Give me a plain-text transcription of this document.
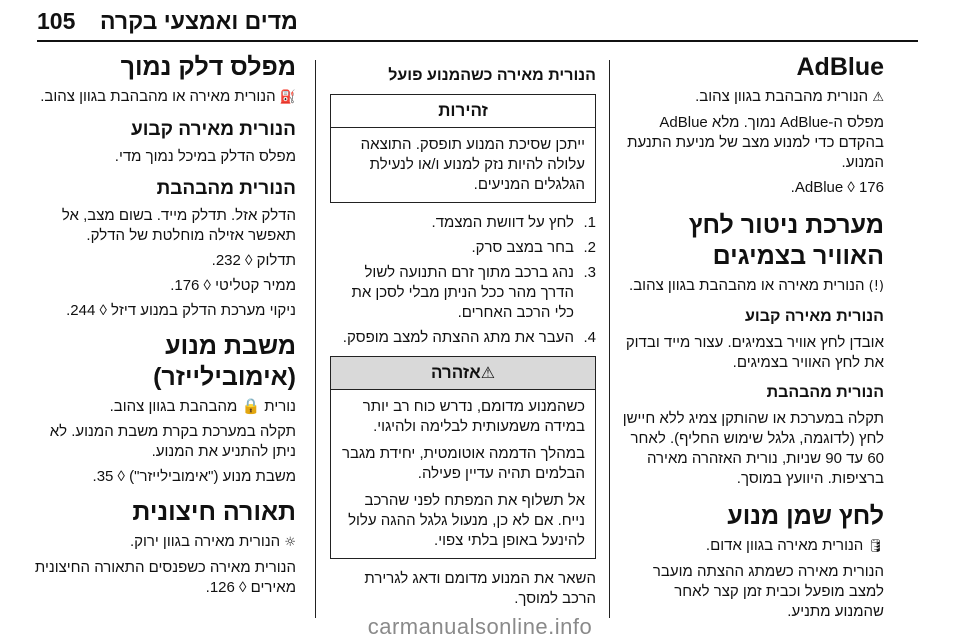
105 מדים ואמצעי בקרה
AdBlue
⚠ הנורית מהבהבת בגוון צהוב.
מפלס ה-AdBlue נמוך. מלא AdBlue בהקדם כדי למנוע מצב של מניעת התנעת המנוע.
AdBlue ◊ 176.
מערכת ניטור לחץ האוויר בצמיגים
(!) הנורית מאירה או מהבהבת בגוון צהוב.
הנורית מאירה קבוע
אובדן לחץ אוויר בצמיגים. עצור מייד ובדוק את לחץ האוויר בצמיגים.
הנורית מהבהבת
תקלה במערכת או שהותקן צמיג ללא חיישן לחץ (לדוגמה, גלגל שימוש החליף). לאחר 60 עד 90 שניות, נורית האזהרה מאירה ברציפות. היוועץ במוסך.
לחץ שמן מנוע
🛢 הנורית מאירה בגוון אדום.
הנורית מאירה כשמתג ההצתה מועבר למצב מופעל וכבית זמן קצר לאחר שהמנוע מתניע.
הנורית מאירה כשהמנוע פועל
זהירות
ייתכן שסיכת המנוע תופסק. התוצאה עלולה להיות נזק למנוע ו/או לנעילת הגלגלים המניעים.
1.
לחץ על דוושת המצמד.
2.
בחר במצב סרק.
3.
נהג ברכב מתוך זרם התנועה לשול הדרך מהר ככל הניתן מבלי לסכן את כלי הרכב האחרים.
4.
העבר את מתג ההצתה למצב מופסק.
⚠אזהרה

כשהמנוע מדומם, נדרש כוח רב יותר במידה משמעותית לבלימה ולהיגוי.

במהלך הדממה אוטומטית, יחידת מגבר הבלמים תהיה עדיין פעילה.

אל תשלוף את המפתח לפני שהרכב נייח. אם לא כן, מנעול גלגל ההגה עלול להינעל באופן בלתי צפוי.

השאר את המנוע מדומם ודאג לגרירת הרכב למוסך.
מפלס דלק נמוך
⛽ הנורית מאירה או מהבהבת בגוון צהוב.
הנורית מאירה קבוע
מפלס הדלק במיכל נמוך מדי.
הנורית מהבהבת
הדלק אזל. תדלק מייד. בשום מצב, אל תאפשר אזילה מוחלטת של הדלק.
תדלוק ◊ 232.
ממיר קטליטי ◊ 176.
ניקוי מערכת הדלק במנוע דיזל ◊ 244.
משבת מנוע (אימובילייזר)
נורית 🔒 מהבהבת בגוון צהוב.
תקלה במערכת בקרת משבת המנוע. לא ניתן להתניע את המנוע.
משבת מנוע ("אימובילייזר") ◊ 35.
תאורה חיצונית
☼ הנורית מאירה בגוון ירוק.
הנורית מאירה כשפנסים התאורה החיצונית מאירים ◊ 126.
carmanualsonline.info
